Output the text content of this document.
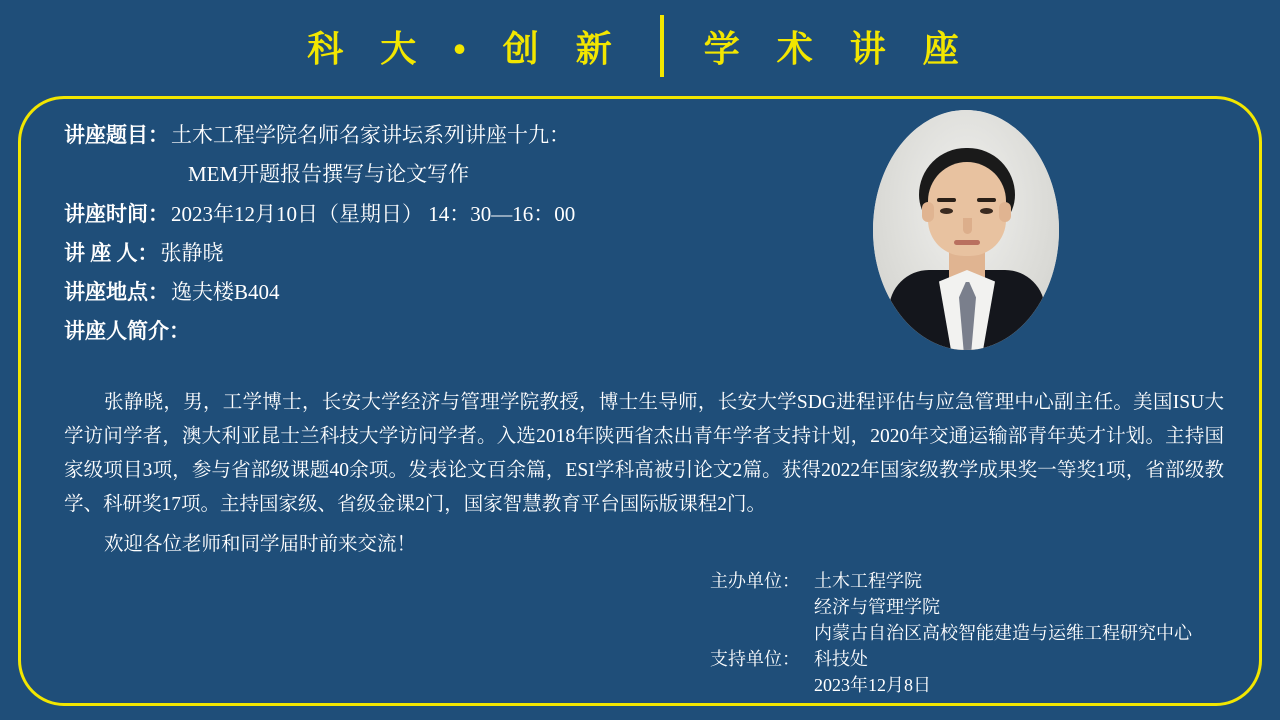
科 大 • 创 新	学 术 讲 座
讲座题目： 土木工程学院名师名家讲坛系列讲座十九：
MEM开题报告撰写与论文写作
讲座时间： 2023年12月10日（星期日） 14：30—16：00
讲 座 人： 张静晓
讲座地点： 逸夫楼B404
讲座人简介：

张静晓，男，工学博士，长安大学经济与管理学院教授，博士生导师，长安大学SDG进程评估与应急管理中心副主任。美国ISU大学访问学者，澳大利亚昆士兰科技大学访问学者。入选2018年陕西省杰出青年学者支持计划，2020年交通运输部青年英才计划。主持国家级项目3项，参与省部级课题40余项。发表论文百余篇，ESI学科高被引论文2篇。获得2022年国家级教学成果奖一等奖1项，省部级教学、科研奖17项。主持国家级、省级金课2门，国家智慧教育平台国际版课程2门。

欢迎各位老师和同学届时前来交流！

主办单位： 土木工程学院
经济与管理学院
内蒙古自治区高校智能建造与运维工程研究中心
支持单位： 科技处
2023年12月8日
